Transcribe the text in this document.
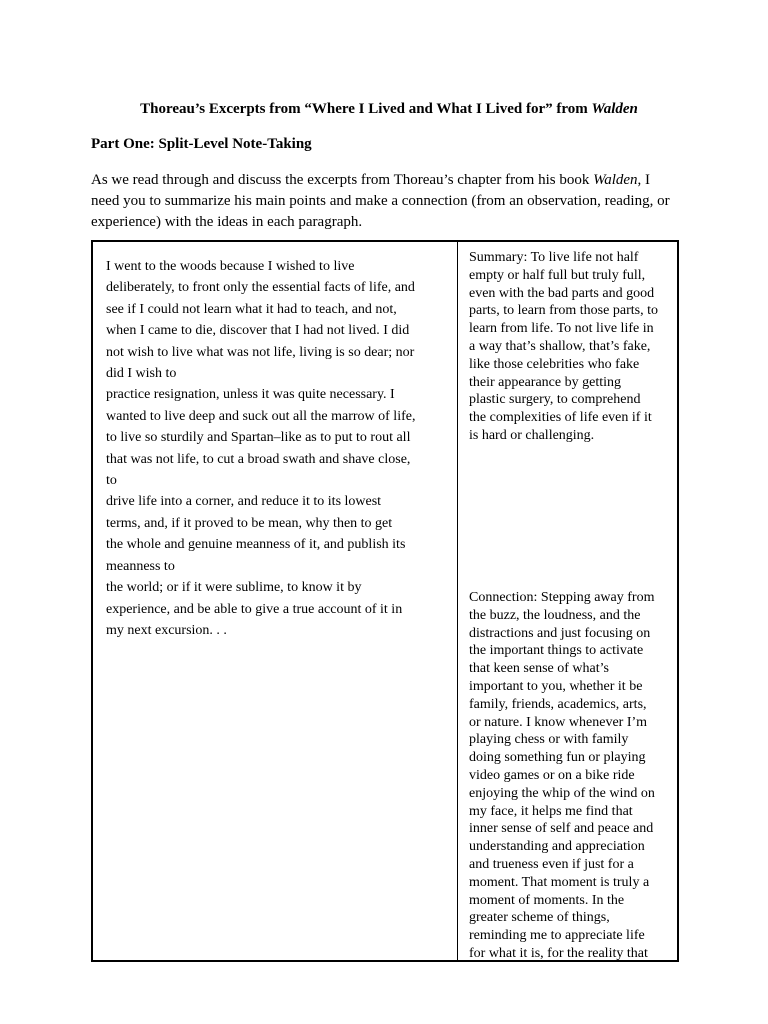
Thoreau’s Excerpts from “Where I Lived and What I Lived for” from Walden
Part One: Split-Level Note-Taking

As we read through and discuss the excerpts from Thoreau’s chapter from his book Walden, I

need you to summarize his main points and make a connection (from an observation, reading, or

experience) with the ideas in each paragraph.

I went to the woods because I wished to live

deliberately, to front only the essential facts of life, and

see if I could not learn what it had to teach, and not,

when I came to die, discover that I had not lived. I did

not wish to live what was not life, living is so dear; nor

did I wish to

practice resignation, unless it was quite necessary. I

wanted to live deep and suck out all the marrow of life,

to live so sturdily and Spartan–like as to put to rout all

that was not life, to cut a broad swath and shave close,

to

drive life into a corner, and reduce it to its lowest

terms, and, if it proved to be mean, why then to get

the whole and genuine meanness of it, and publish its

meanness to

the world; or if it were sublime, to know it by

experience, and be able to give a true account of it in

my next excursion. . .

Summary: To live life not half

empty or half full but truly full,

even with the bad parts and good

parts, to learn from those parts, to

learn from life. To not live life in

a way that’s shallow, that’s fake,

like those celebrities who fake

their appearance by getting

plastic surgery, to comprehend

the complexities of life even if it

is hard or challenging.

Connection: Stepping away from

the buzz, the loudness, and the

distractions and just focusing on

the important things to activate

that keen sense of what’s

important to you, whether it be

family, friends, academics, arts,

or nature. I know whenever I’m

playing chess or with family

doing something fun or playing

video games or on a bike ride

enjoying the whip of the wind on

my face, it helps me find that

inner sense of self and peace and

understanding and appreciation

and trueness even if just for a

moment. That moment is truly a

moment of moments. In the

greater scheme of things,

reminding me to appreciate life

for what it is, for the reality that
